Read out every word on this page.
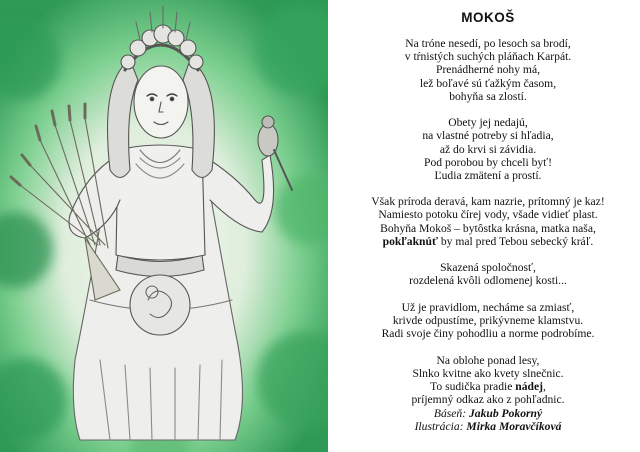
MOKOŠ
Na tróne nesedí, po lesoch sa brodí,
v tŕnistých suchých pláňach Karpát.
Prenádherné nohy má,
lež boľavé sú ťažkým časom,
bohyňa sa zlostí.
Obety jej nedajú,
na vlastné potreby si hľadia,
až do krvi si závidia.
Pod porobou by chceli byť!
Ľudia zmätení a prostí.
Však príroda deravá, kam nazrie, prítomný je kaz!
Namiesto potoku čírej vody, všade vidieť plast.
Bohyňa Mokoš – bytôstka krásna, matka naša,
pokľaknúť by mal pred Tebou sebecký kráľ.
Skazená spoločnosť,
rozdelená kvôli odlomenej kosti...
Už je pravidlom, necháme sa zmiasť,
krivde odpustíme, prikývneme klamstvu.
Radi svoje činy pohodliu a norme podrobíme.
Na oblohe ponad lesy,
Slnko kvitne ako kvety slnečnic.
To sudička pradie nádej,
príjemný odkaz ako z pohľadnic.
Báseň: Jakub Pokorný
Ilustrácia: Mirka Moravčíková
